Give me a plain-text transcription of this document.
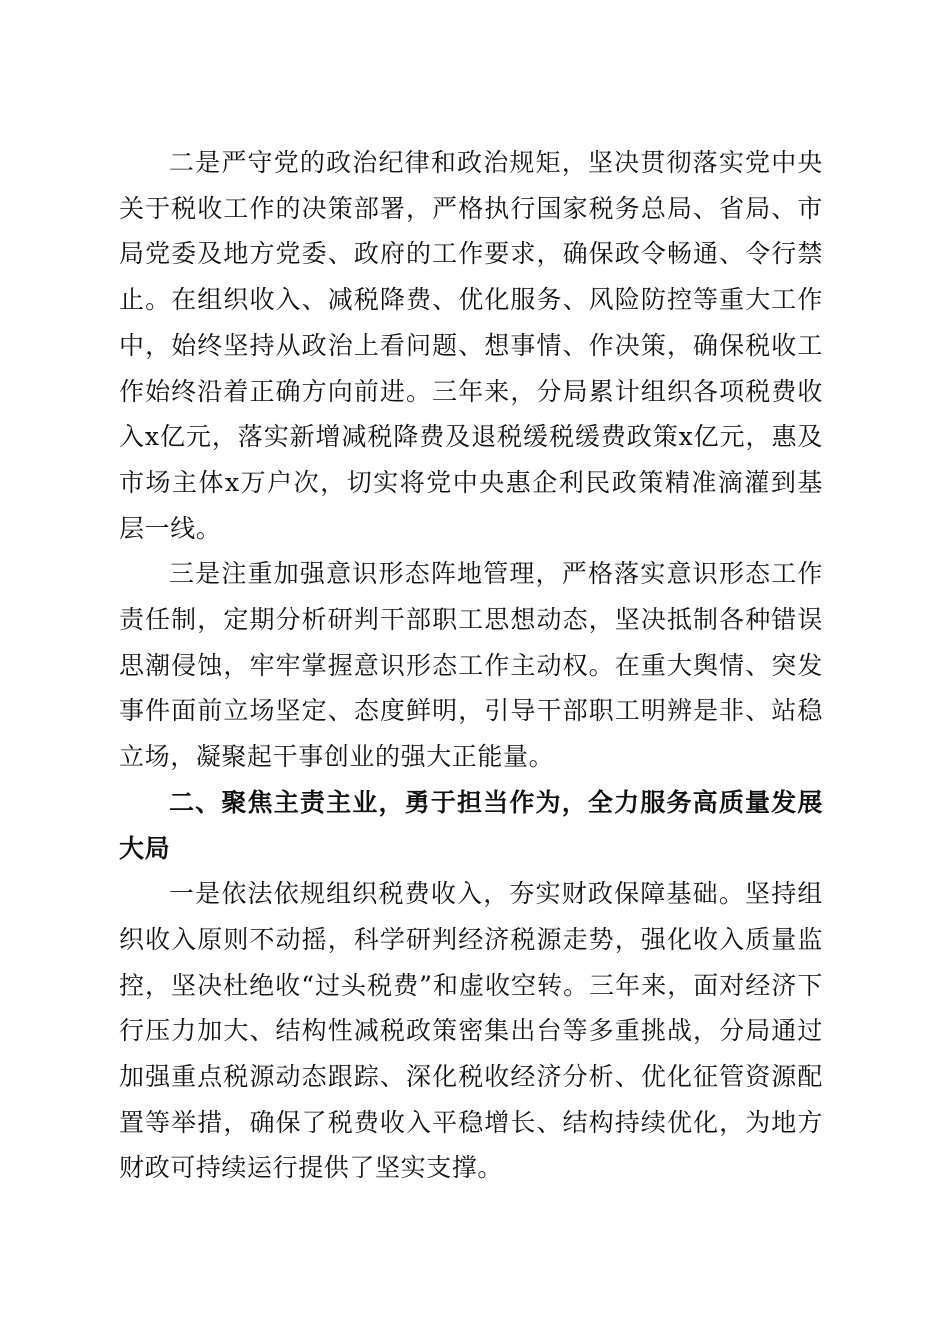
二是严守党的政治纪律和政治规矩，坚决贯彻落实党中央关于税收工作的决策部署，严格执行国家税务总局、省局、市局党委及地方党委、政府的工作要求，确保政令畅通、令行禁止。在组织收入、减税降费、优化服务、风险防控等重大工作中，始终坚持从政治上看问题、想事情、作决策，确保税收工作始终沿着正确方向前进。三年来，分局累计组织各项税费收入x亿元，落实新增减税降费及退税缓税缓费政策x亿元，惠及市场主体x万户次，切实将党中央惠企利民政策精准滴灌到基层一线。

三是注重加强意识形态阵地管理，严格落实意识形态工作责任制，定期分析研判干部职工思想动态，坚决抵制各种错误思潮侵蚀，牢牢掌握意识形态工作主动权。在重大舆情、突发事件面前立场坚定、态度鲜明，引导干部职工明辨是非、站稳立场，凝聚起干事创业的强大正能量。

二、聚焦主责主业，勇于担当作为，全力服务高质量发展大局

一是依法依规组织税费收入，夯实财政保障基础。坚持组织收入原则不动摇，科学研判经济税源走势，强化收入质量监控，坚决杜绝收“过头税费”和虚收空转。三年来，面对经济下行压力加大、结构性减税政策密集出台等多重挑战，分局通过加强重点税源动态跟踪、深化税收经济分析、优化征管资源配置等举措，确保了税费收入平稳增长、结构持续优化，为地方财政可持续运行提供了坚实支撑。
